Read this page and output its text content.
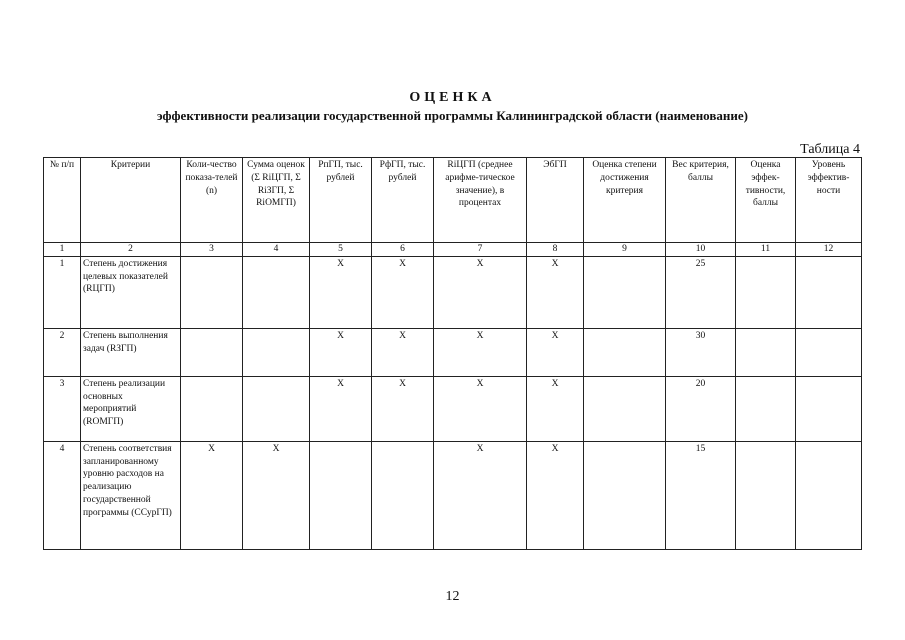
ОЦЕНКА
эффективности реализации государственной программы Калининградской области (наименование)
Таблица 4
№ п/п	Критерии	Коли-чество показа-телей (n)	Сумма оценок (Σ RiЦГП, Σ RiЗГП, Σ RiОМГП)	РпГП, тыс. рублей	РфГП, тыс. рублей	RiЦГП (среднее арифме-тическое значение), в процентах	ЭбГП	Оценка степени достижения критерия	Вес критерия, баллы	Оценка эффек-тивности, баллы	Уровень эффектив-ности
1	2	3	4	5	6	7	8	9	10	11	12
1	Степень достижения целевых показателей (RЦГП)			Х	Х	Х	Х		25		
2	Степень выполнения задач (RЗГП)			Х	Х	Х	Х		30		
3	Степень реализации основных мероприятий (RОМГП)			Х	Х	Х	Х		20		
4	Степень соответствия запланированному уровню расходов на реализацию государственной программы (ССурГП)	Х	Х			Х	Х		15		
12
